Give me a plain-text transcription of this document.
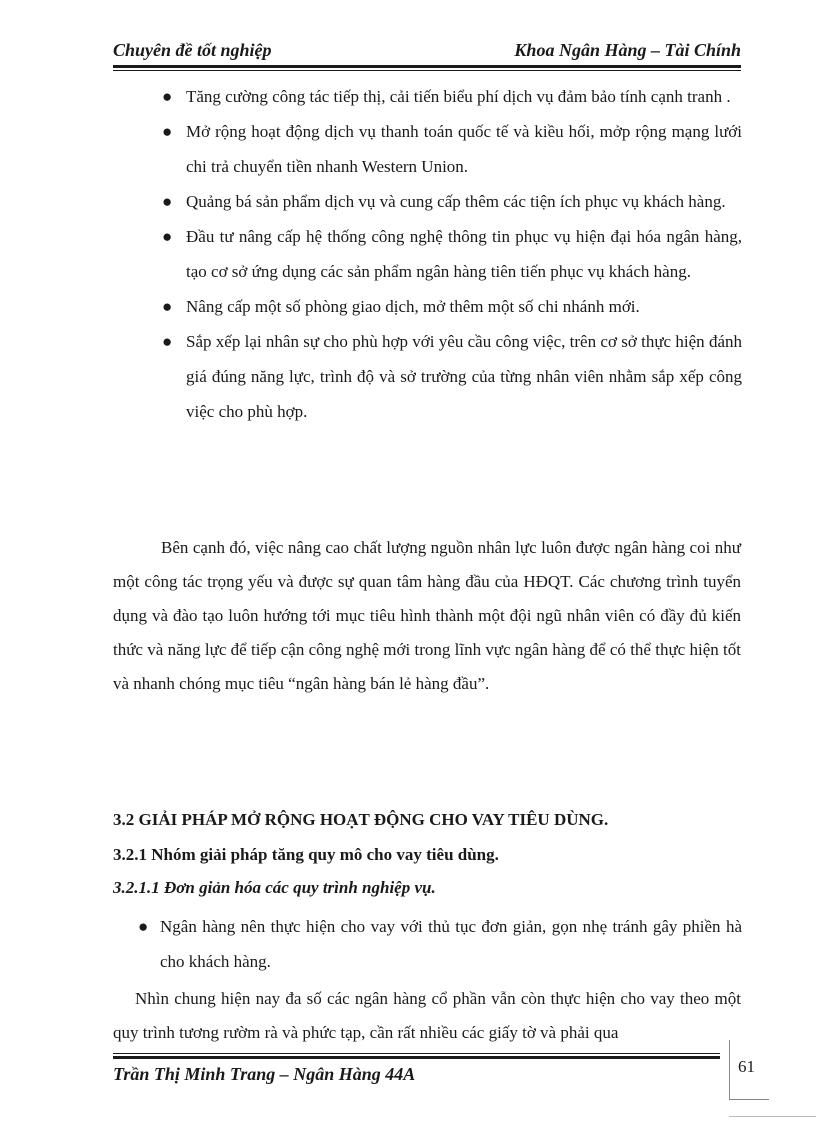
Chuyên đề tốt nghiệp	Khoa Ngân Hàng – Tài Chính
● Tăng cường công tác tiếp thị, cải tiến biểu phí dịch vụ đảm bảo tính cạnh tranh .
● Mở rộng hoạt động dịch vụ thanh toán quốc tế và kiều hối, mởp rộng mạng lưới chi trả chuyển tiền nhanh Western Union.
● Quảng bá sản phẩm dịch vụ và cung cấp thêm các tiện ích phục vụ khách hàng.
● Đầu tư nâng cấp hệ thống công nghệ thông tin phục vụ hiện đại hóa ngân hàng, tạo cơ sở ứng dụng các sản phẩm ngân hàng tiên tiến phục vụ khách hàng.
● Nâng cấp một số phòng giao dịch, mở thêm một số chi nhánh mới.
● Sắp xếp lại nhân sự cho phù hợp với yêu cầu công việc, trên cơ sở thực hiện đánh giá đúng năng lực, trình độ và sở trường của từng nhân viên nhằm sắp xếp công việc cho phù hợp.
Bên cạnh đó, việc nâng cao chất lượng nguồn nhân lực luôn được ngân hàng coi như một công tác trọng yếu và được sự quan tâm hàng đầu của HĐQT. Các chương trình tuyển dụng và đào tạo luôn hướng tới mục tiêu hình thành một đội ngũ nhân viên có đầy đủ kiến thức và năng lực để tiếp cận công nghệ mới trong lĩnh vực ngân hàng để có thể thực hiện tốt và nhanh chóng mục tiêu “ngân hàng bán lẻ hàng đầu”.
3.2 GIẢI PHÁP MỞ RỘNG HOẠT ĐỘNG CHO VAY TIÊU DÙNG.
3.2.1 Nhóm giải pháp tăng quy mô cho vay tiêu dùng.
3.2.1.1 Đơn giản hóa các quy trình nghiệp vụ.
● Ngân hàng nên thực hiện cho vay với thủ tục đơn giản, gọn nhẹ tránh gây phiền hà cho khách hàng.
Nhìn chung hiện nay đa số các ngân hàng cổ phần vẫn còn thực hiện cho vay theo một quy trình tương rườm rà và phức tạp, cần rất nhiều các giấy tờ và phải qua
Trần Thị Minh Trang – Ngân Hàng 44A	61
